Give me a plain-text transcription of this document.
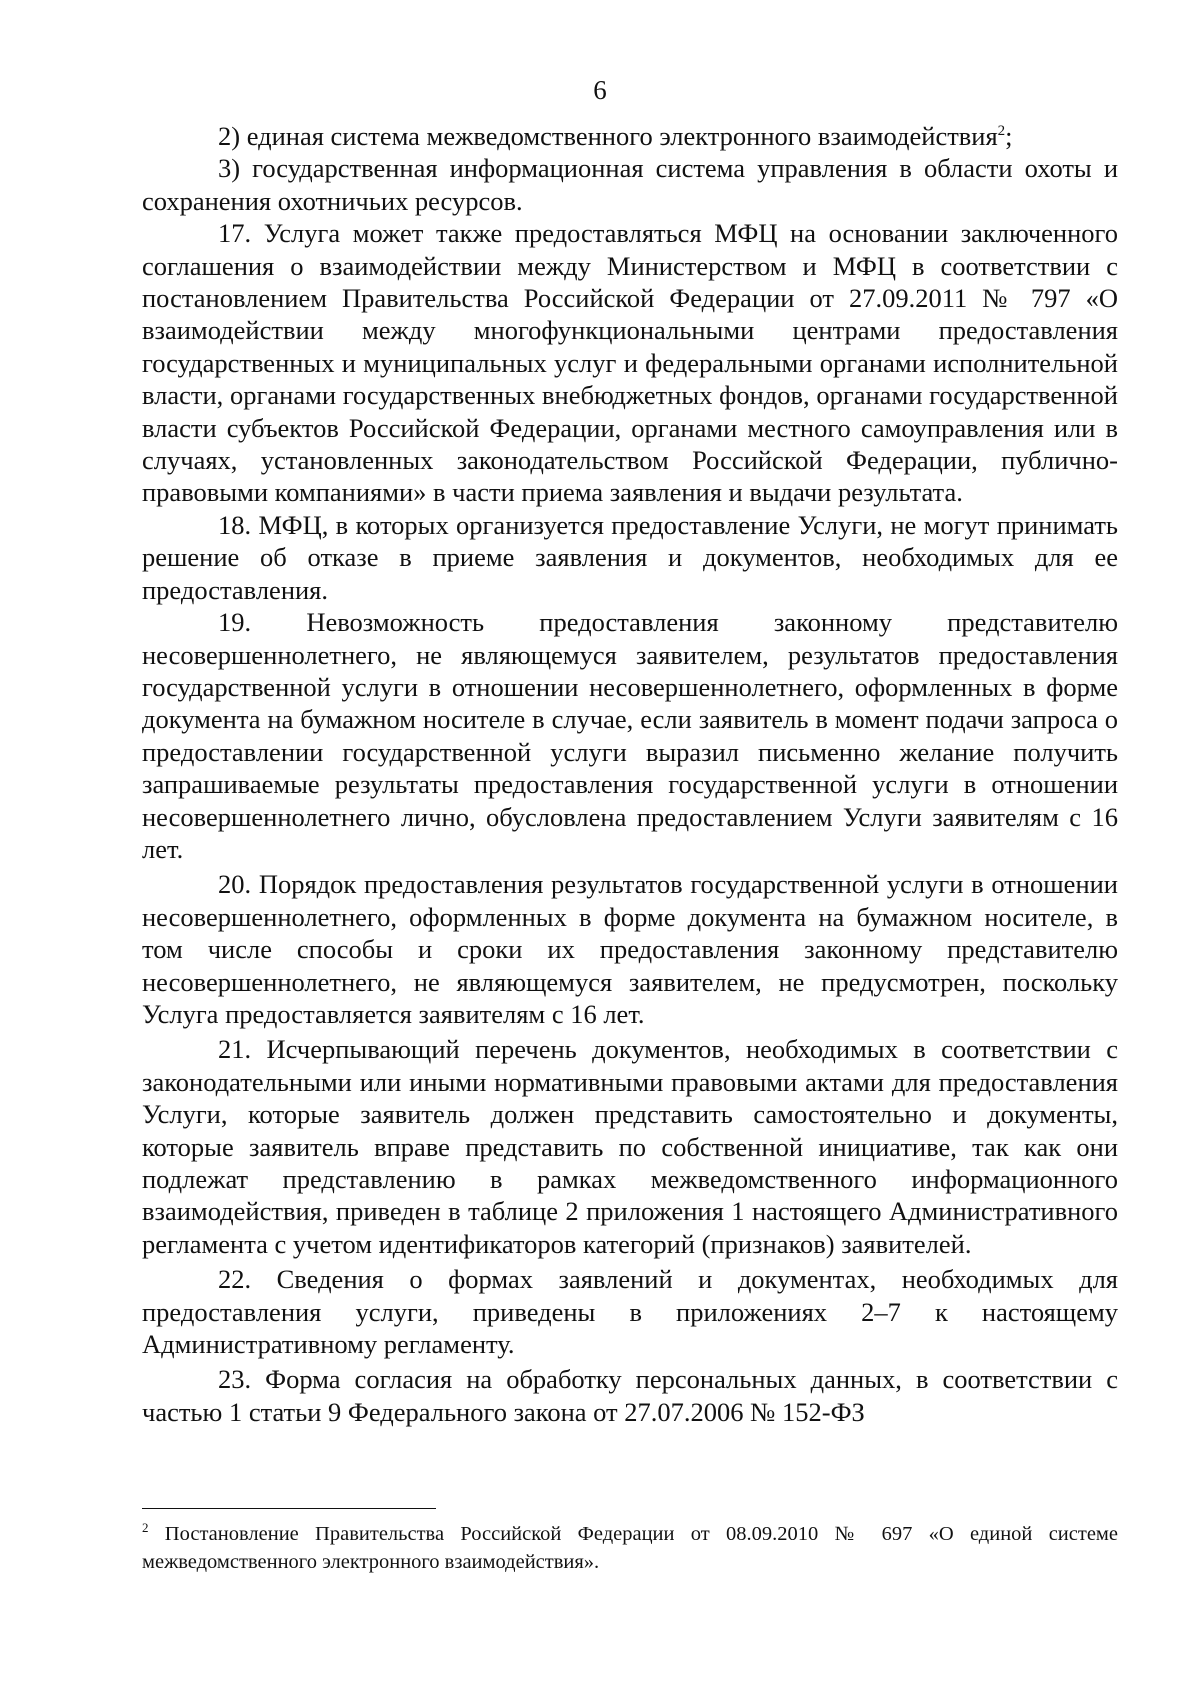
6

2) единая система межведомственного электронного взаимодействия$^2$;

3) государственная информационная система управления в области охоты и сохранения охотничьих ресурсов.

17. Услуга может также предоставляться МФЦ на основании заключенного соглашения о взаимодействии между Министерством и МФЦ в соответствии с постановлением Правительства Российской Федерации от 27.09.2011 № 797 «О взаимодействии между многофункциональными центрами предоставления государственных и муниципальных услуг и федеральными органами исполнительной власти, органами государственных внебюджетных фондов, органами государственной власти субъектов Российской Федерации, органами местного самоуправления или в случаях, установленных законодательством Российской Федерации, публично-правовыми компаниями» в части приема заявления и выдачи результата.

18. МФЦ, в которых организуется предоставление Услуги, не могут принимать решение об отказе в приеме заявления и документов, необходимых для ее предоставления.

19. Невозможность предоставления законному представителю несовершеннолетнего, не являющемуся заявителем, результатов предоставления государственной услуги в отношении несовершеннолетнего, оформленных в форме документа на бумажном носителе в случае, если заявитель в момент подачи запроса о предоставлении государственной услуги выразил письменно желание получить запрашиваемые результаты предоставления государственной услуги в отношении несовершеннолетнего лично, обусловлена предоставлением Услуги заявителям с 16 лет.

20. Порядок предоставления результатов государственной услуги в отношении несовершеннолетнего, оформленных в форме документа на бумажном носителе, в том числе способы и сроки их предоставления законному представителю несовершеннолетнего, не являющемуся заявителем, не предусмотрен, поскольку Услуга предоставляется заявителям с 16 лет.

21. Исчерпывающий перечень документов, необходимых в соответствии с законодательными или иными нормативными правовыми актами для предоставления Услуги, которые заявитель должен представить самостоятельно и документы, которые заявитель вправе представить по собственной инициативе, так как они подлежат представлению в рамках межведомственного информационного взаимодействия, приведен в таблице 2 приложения 1 настоящего Административного регламента с учетом идентификаторов категорий (признаков) заявителей.

22. Сведения о формах заявлений и документах, необходимых для предоставления услуги, приведены в приложениях 2–7 к настоящему Административному регламенту.

23. Форма согласия на обработку персональных данных, в соответствии с частью 1 статьи 9 Федерального закона от 27.07.2006 № 152-ФЗ

$^2$ Постановление Правительства Российской Федерации от 08.09.2010 № 697 «О единой системе межведомственного электронного взаимодействия».
